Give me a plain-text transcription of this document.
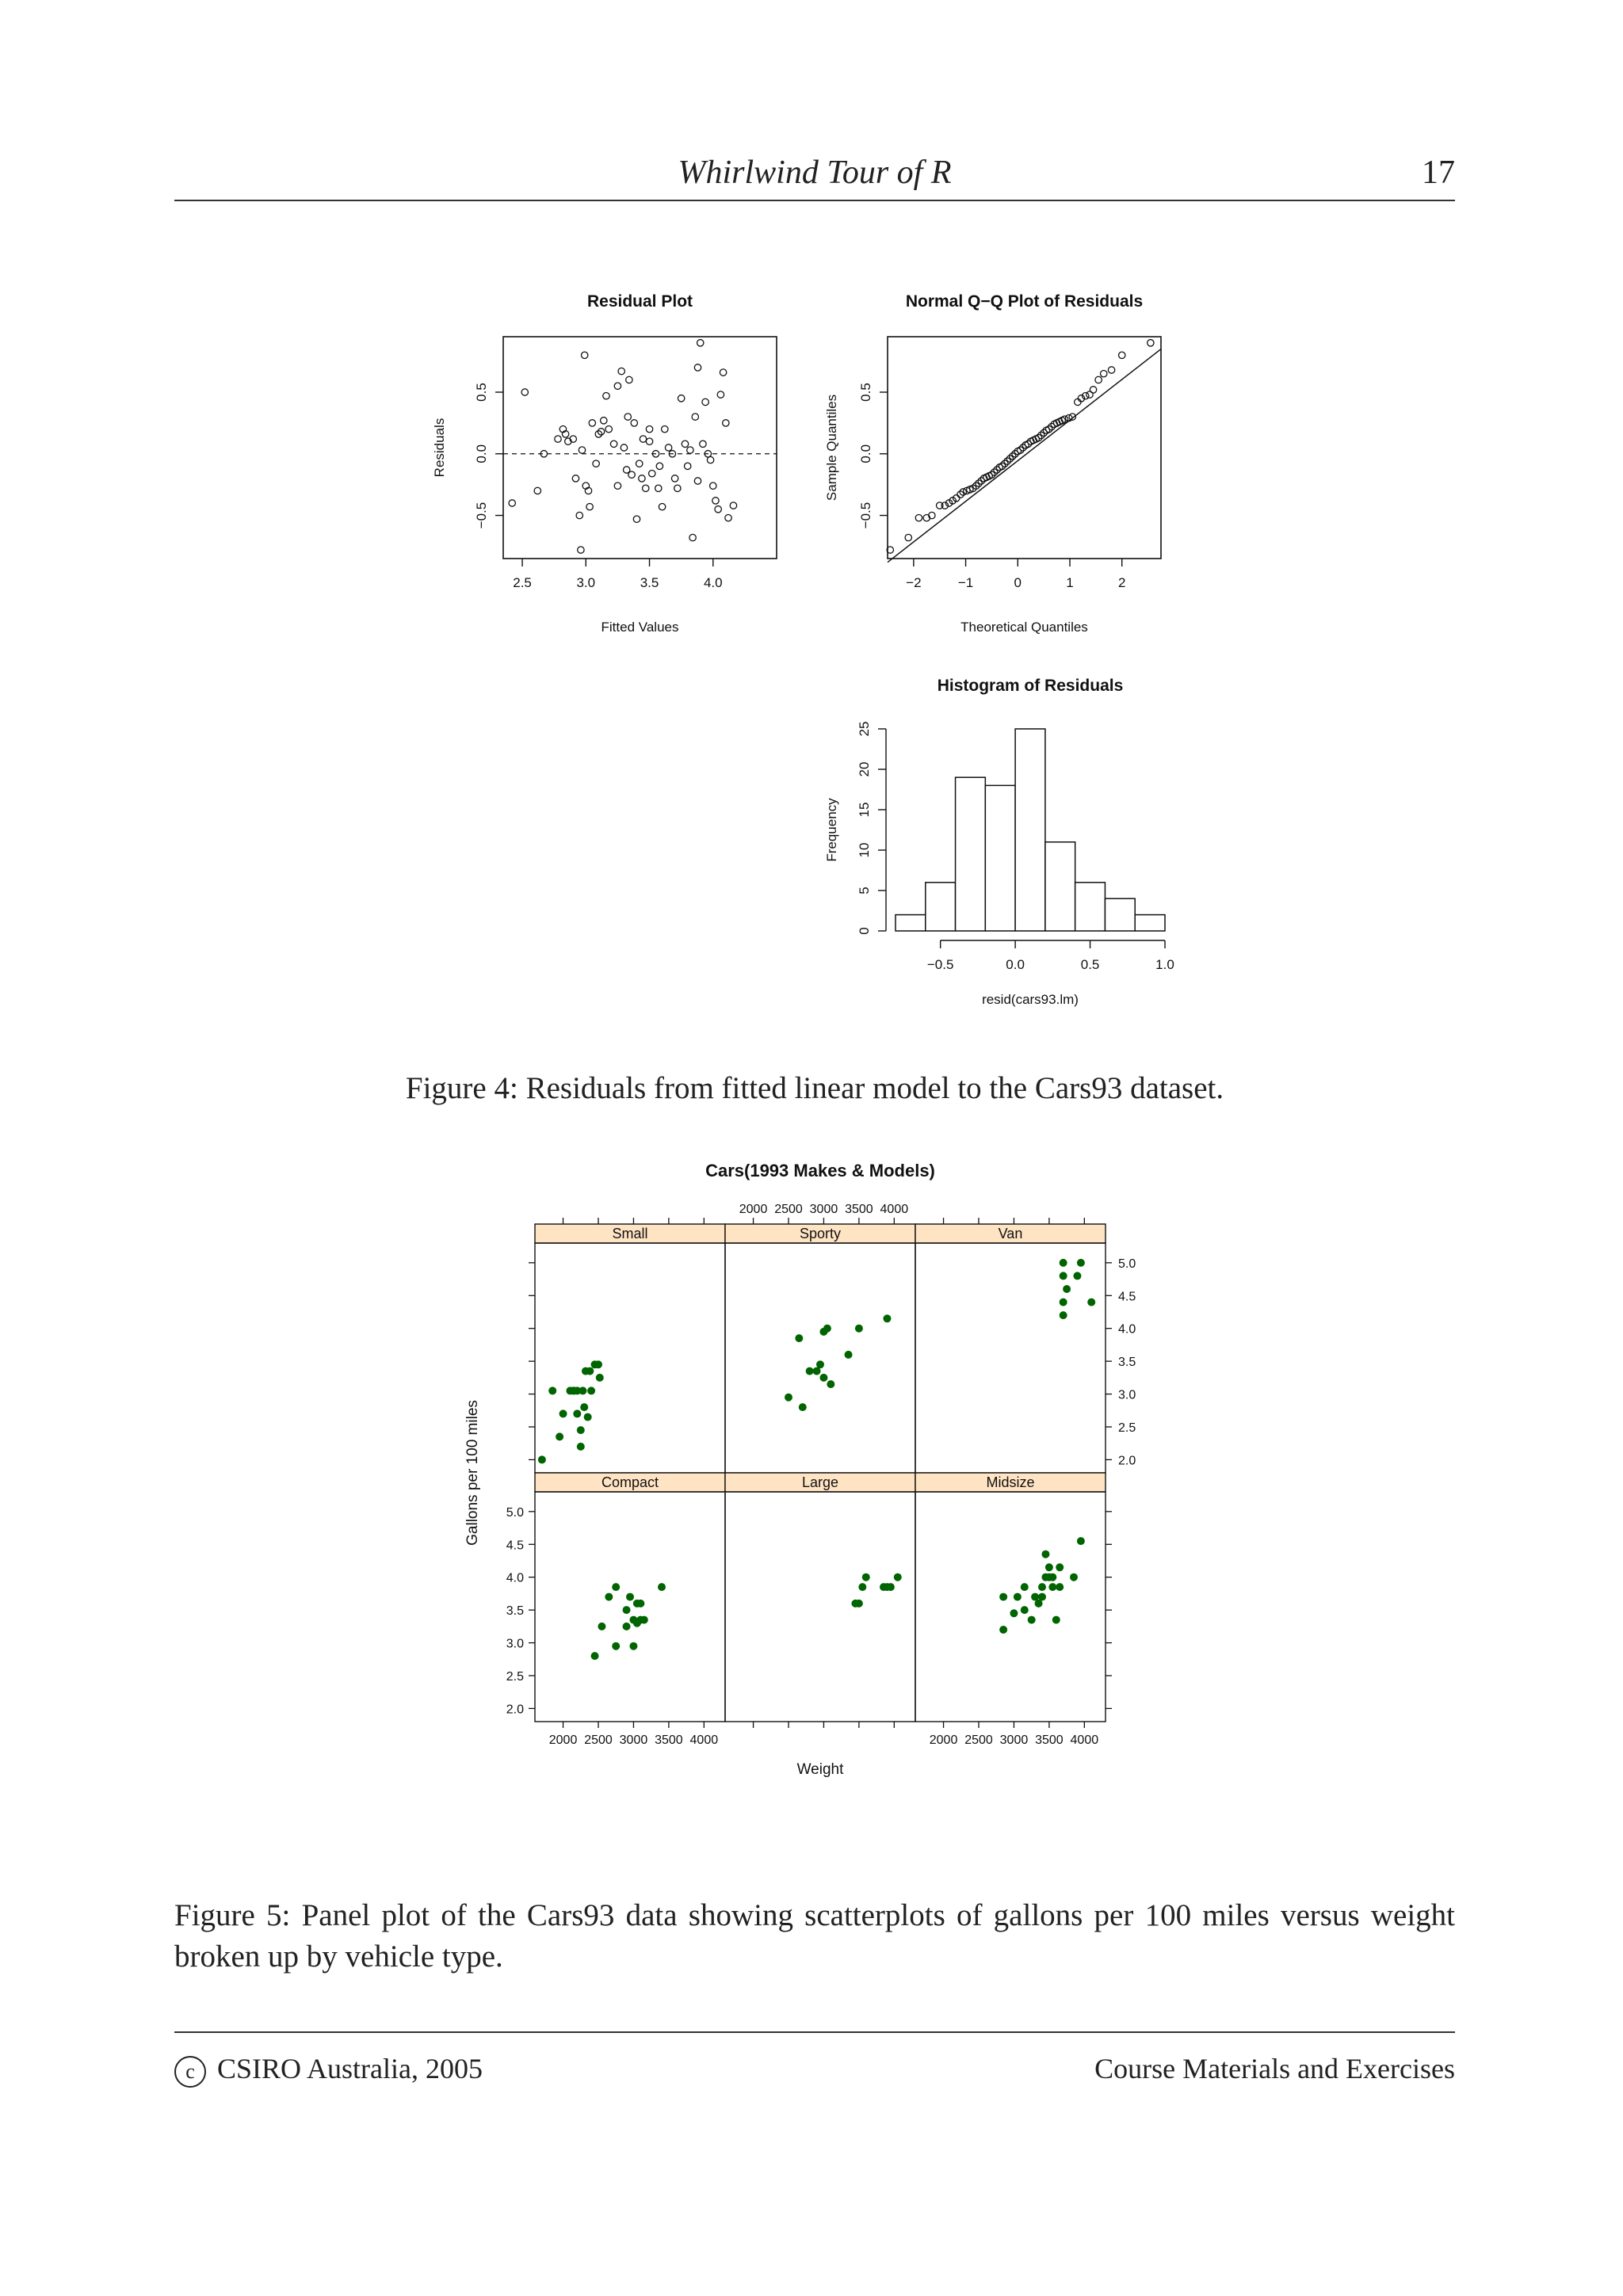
Whirlwind Tour of R	17
Residual Plot
2.5	3.0	3.5	4.0
−0.5
0.0
0.5
Fitted Values
Residuals
Normal Q−Q Plot of Residuals
−2	−1	0	1	2
−0.5
0.0
0.5
Theoretical Quantiles
Sample Quantiles
Histogram of Residuals
−0.5	0.0	0.5	1.0
0
5
10
15
20
25
resid(cars93.lm)
Frequency
Figure 4: Residuals from fitted linear model to the Cars93 dataset.
Cars(1993 Makes & Models)
Small	Sporty	Van
Compact	Large	Midsize
2000
2000
2000
2500
2500
2500
3000
3000
3000
3500
3500
3500
4000
4000
4000
2.0
2.0
2.5
2.5
3.0
3.0
3.5
3.5
4.0
4.0
4.5
4.5
5.0
5.0
Weight
Gallons per 100 miles
Figure 5: Panel plot of the Cars93 data showing scatterplots of gallons per 100 miles versus weight broken up by vehicle type.
c CSIRO Australia, 2005	Course Materials and Exercises
